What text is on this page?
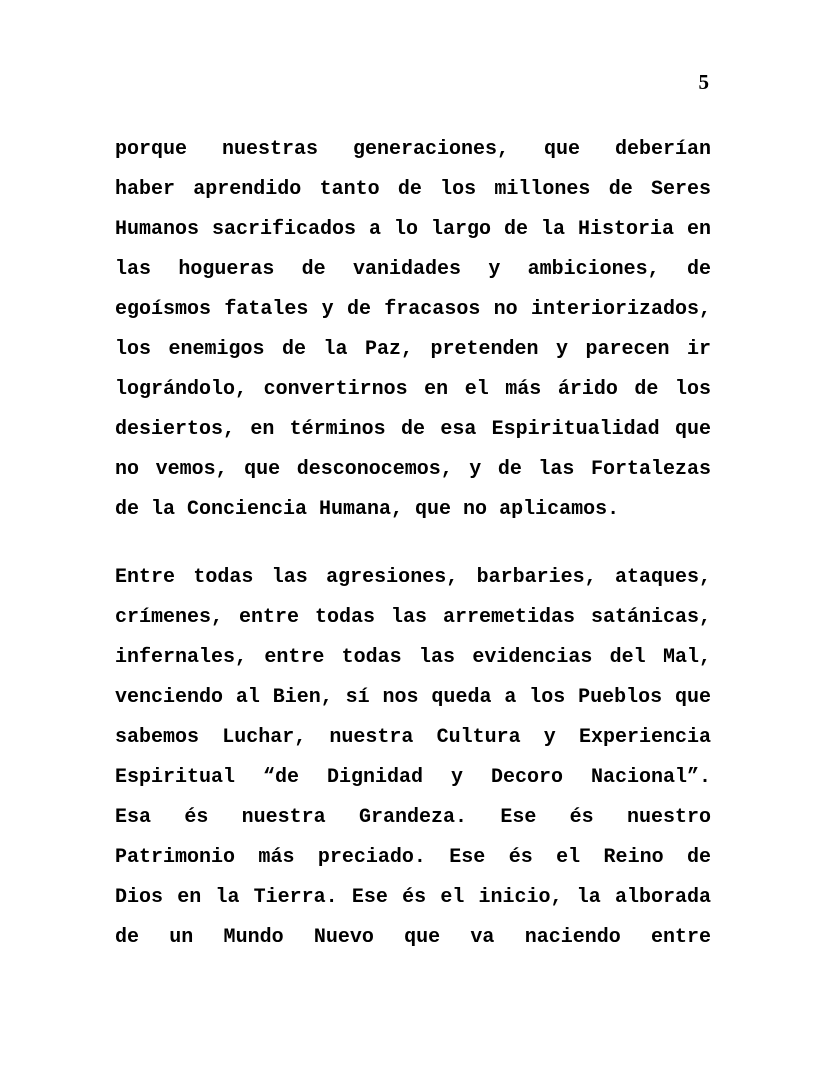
5
porque nuestras generaciones, que deberían
haber aprendido tanto de los millones de Seres
Humanos sacrificados a lo largo de la Historia en
las hogueras de vanidades y ambiciones, de
egoísmos fatales y de fracasos no interiorizados,
los enemigos de la Paz, pretenden y parecen ir
lográndolo, convertirnos en el más árido de los
desiertos, en términos de esa Espiritualidad que
no vemos, que desconocemos, y de las Fortalezas
de la Conciencia Humana, que no aplicamos.
Entre todas las agresiones, barbaries, ataques,
crímenes, entre todas las arremetidas satánicas,
infernales, entre todas las evidencias del Mal,
venciendo al Bien, sí nos queda a los Pueblos que
sabemos Luchar, nuestra Cultura y Experiencia
Espiritual “de Dignidad y Decoro Nacional”.
Esa és nuestra Grandeza. Ese és nuestro
Patrimonio más preciado. Ese és el Reino de
Dios en la Tierra. Ese és el inicio, la alborada
de un Mundo Nuevo que va naciendo entre
